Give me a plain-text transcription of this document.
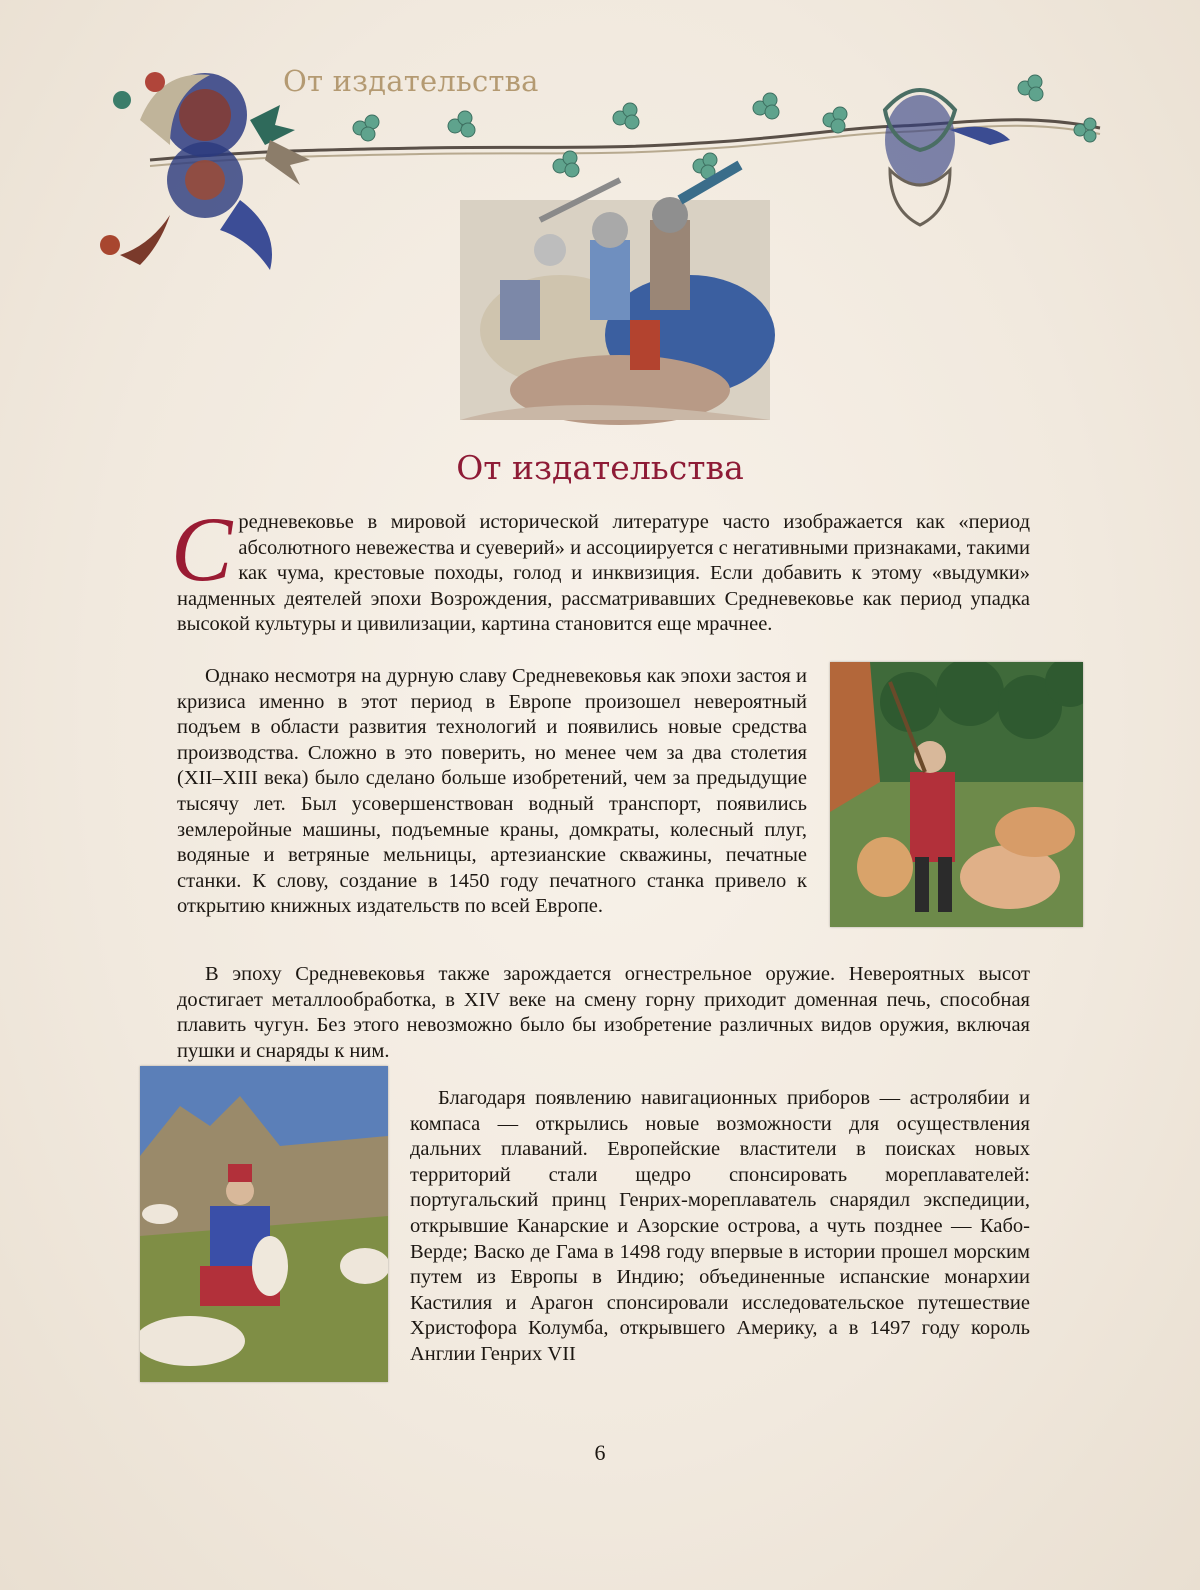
От издательства
От издательства

Средневековье в мировой исторической литературе часто изображается как «период абсолютного невежества и суеверий» и ассоциируется с негативными признаками, такими как чума, крестовые походы, голод и инквизиция. Если добавить к этому «выдумки» надменных деятелей эпохи Возрождения, рассматривавших Средневековье как период упадка высокой культуры и цивилизации, картина становится еще мрачнее.

Однако несмотря на дурную славу Средневековья как эпохи застоя и кризиса именно в этот период в Европе произошел невероятный подъем в области развития технологий и появились новые средства производства. Сложно в это поверить, но менее чем за два столетия (XII–XIII века) было сделано больше изобретений, чем за предыдущие тысячу лет. Был усовершенствован водный транспорт, появились землеройные машины, подъемные краны, домкраты, колесный плуг, водяные и ветряные мельницы, артезианские скважины, печатные станки. К слову, создание в 1450 году печатного станка привело к открытию книжных издательств по всей Европе.

В эпоху Средневековья также зарождается огнестрельное оружие. Невероятных высот достигает металлообработка, в XIV веке на смену горну приходит доменная печь, способная плавить чугун. Без этого невозможно было бы изобретение различных видов оружия, включая пушки и снаряды к ним.

Благодаря появлению навигационных приборов — астролябии и компаса — открылись новые возможности для осуществления дальних плаваний. Европейские властители в поисках новых территорий стали щедро спонсировать мореплавателей: португальский принц Генрих-мореплаватель снарядил экспедиции, открывшие Канарские и Азорские острова, а чуть позднее — Кабо-Верде; Васко де Гама в 1498 году впервые в истории прошел морским путем из Европы в Индию; объединенные испанские монархии Кастилия и Арагон спонсировали исследовательское путешествие Христофора Колумба, открывшего Америку, а в 1497 году король Англии Генрих VII

6
